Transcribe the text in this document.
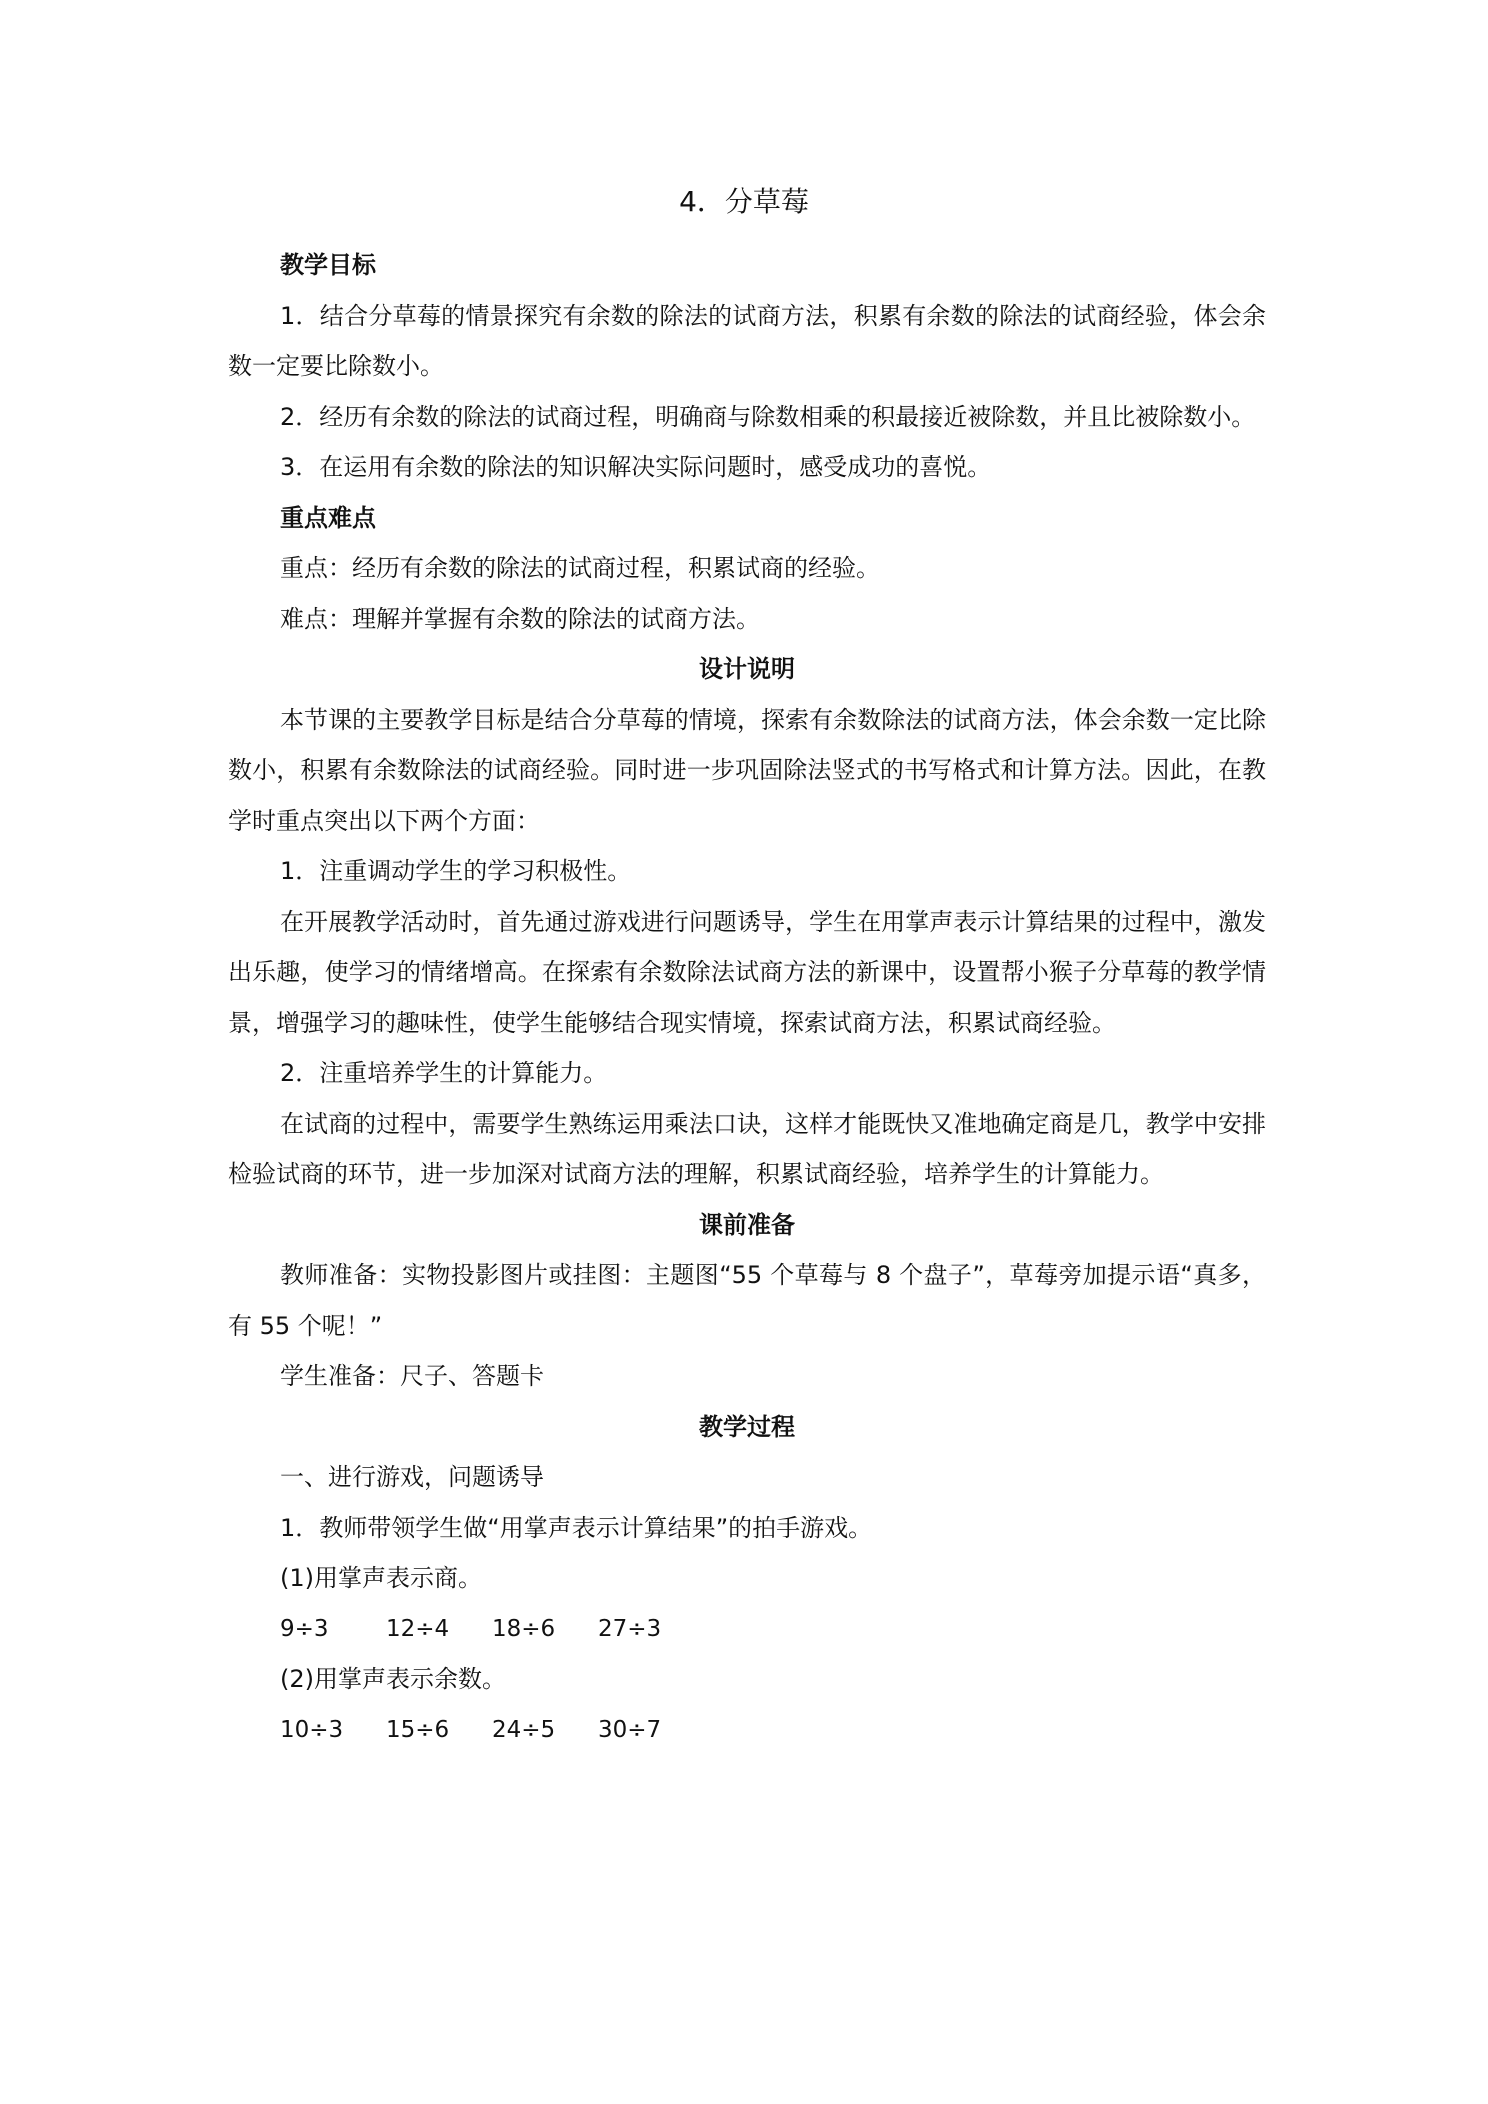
4．分草莓

教学目标

1．结合分草莓的情景探究有余数的除法的试商方法，积累有余数的除法的试商经验，体会余数一定要比除数小。

2．经历有余数的除法的试商过程，明确商与除数相乘的积最接近被除数，并且比被除数小。

3．在运用有余数的除法的知识解决实际问题时，感受成功的喜悦。

重点难点

重点：经历有余数的除法的试商过程，积累试商的经验。

难点：理解并掌握有余数的除法的试商方法。

设计说明

本节课的主要教学目标是结合分草莓的情境，探索有余数除法的试商方法，体会余数一定比除数小，积累有余数除法的试商经验。同时进一步巩固除法竖式的书写格式和计算方法。因此，在教学时重点突出以下两个方面：

1．注重调动学生的学习积极性。

在开展教学活动时，首先通过游戏进行问题诱导，学生在用掌声表示计算结果的过程中，激发出乐趣，使学习的情绪增高。在探索有余数除法试商方法的新课中，设置帮小猴子分草莓的教学情景，增强学习的趣味性，使学生能够结合现实情境，探索试商方法，积累试商经验。

2．注重培养学生的计算能力。

在试商的过程中，需要学生熟练运用乘法口诀，这样才能既快又准地确定商是几，教学中安排检验试商的环节，进一步加深对试商方法的理解，积累试商经验，培养学生的计算能力。

课前准备

教师准备：实物投影图片或挂图：主题图“55 个草莓与 8 个盘子”，草莓旁加提示语“真多，有 55 个呢！”

学生准备：尺子、答题卡

教学过程

一、进行游戏，问题诱导

1．教师带领学生做“用掌声表示计算结果”的拍手游戏。

(1)用掌声表示商。

9÷3	12÷4	18÷6	27÷3

(2)用掌声表示余数。

10÷3	15÷6	24÷5	30÷7
